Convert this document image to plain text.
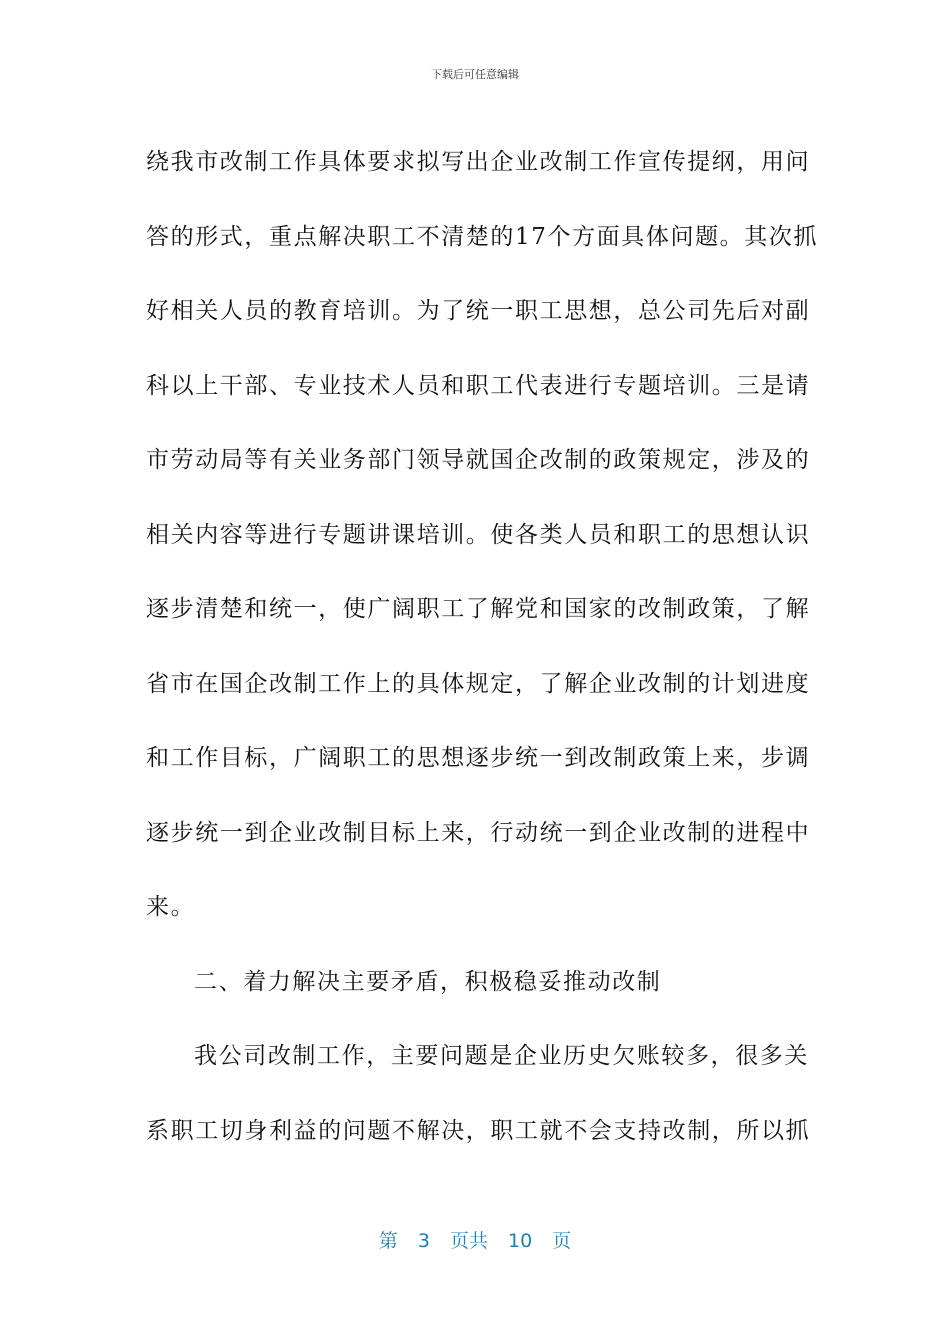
下载后可任意编辑
绕我市改制工作具体要求拟写出企业改制工作宣传提纲，用问
答的形式，重点解决职工不清楚的17个方面具体问题。其次抓
好相关人员的教育培训。为了统一职工思想，总公司先后对副
科以上干部、专业技术人员和职工代表进行专题培训。三是请
市劳动局等有关业务部门领导就国企改制的政策规定，涉及的
相关内容等进行专题讲课培训。使各类人员和职工的思想认识
逐步清楚和统一，使广阔职工了解党和国家的改制政策，了解
省市在国企改制工作上的具体规定，了解企业改制的计划进度
和工作目标，广阔职工的思想逐步统一到改制政策上来，步调
逐步统一到企业改制目标上来，行动统一到企业改制的进程中
来。
二、着力解决主要矛盾，积极稳妥推动改制
我公司改制工作，主要问题是企业历史欠账较多，很多关
系职工切身利益的问题不解决，职工就不会支持改制，所以抓
第 3 页共 10 页
